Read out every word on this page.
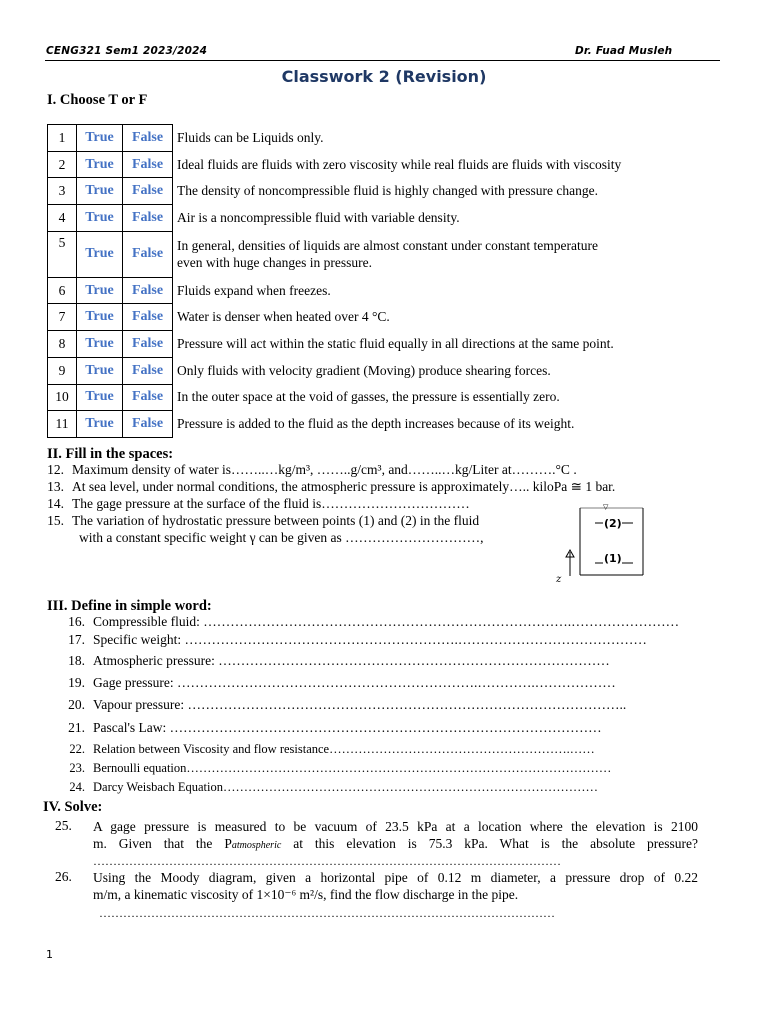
CENG321 Sem1 2023/2024	Dr. Fuad Musleh
Classwork 2 (Revision)
I. Choose T or F
1	True	False	Fluids can be Liquids only.

2	True	False	Ideal fluids are fluids with zero viscosity while real fluids are fluids with viscosity

3	True	False	The density of noncompressible fluid is highly changed with pressure change.

4	True	False	Air is a noncompressible fluid with variable density.

5	True	False	In general, densities of liquids are almost constant under constant temperature
even with huge changes in pressure.

6	True	False	Fluids expand when freezes.

7	True	False	Water is denser when heated over 4 °C.

8	True	False	Pressure will act within the static fluid equally in all directions at the same point.

9	True	False	Only fluids with velocity gradient (Moving) produce shearing forces.

10	True	False	In the outer space at the void of gasses, the pressure is essentially zero.

11	True	False	Pressure is added to the fluid as the depth increases because of its weight.
II. Fill in the spaces:
12. Maximum density of water is……..…kg/m³, ……..g/cm³, and……..…kg/Liter at……….°C .
13. At sea level, under normal conditions, the atmospheric pressure is approximately….. kiloPa ≅ 1 bar.
14. The gage pressure at the surface of the fluid is……………………………
15. The variation of hydrostatic pressure between points (1) and (2) in the fluid
with a constant specific weight γ can be given as …………………………,
▽
(2)
(1)
z
III. Define in simple word:
16. Compressible fluid: ……………………………………………………………………….……………………
17. Specific weight: …………………………………………………….……………………………………
18. Atmospheric pressure: ……………………………………………………………………………
19. Gage pressure: ………………………………………………………….………….………………
20. Vapour pressure: ……………………………………………………………………………………..
21. Pascal's Law: ……………………………………………………………………………………
22. Relation between Viscosity and flow resistance………………………………………………….……
23. Bernoulli equation…………………………………………………………………………………………
24. Darcy Weisbach Equation………………………………………………………………………………
IV. Solve:
25. A gage pressure is measured to be vacuum of 23.5 kPa at a location where the elevation is 2100
m. Given that the Patmospheric at this elevation is 75.3 kPa. What is the absolute pressure?
………………………………………………………………………………………………………
26. Using the Moody diagram, given a horizontal pipe of 0.12 m diameter, a pressure drop of 0.22
m/m, a kinematic viscosity of 1×10⁻⁶ m²/s, find the flow discharge in the pipe.
……………………………………………………………………………………………………
1
